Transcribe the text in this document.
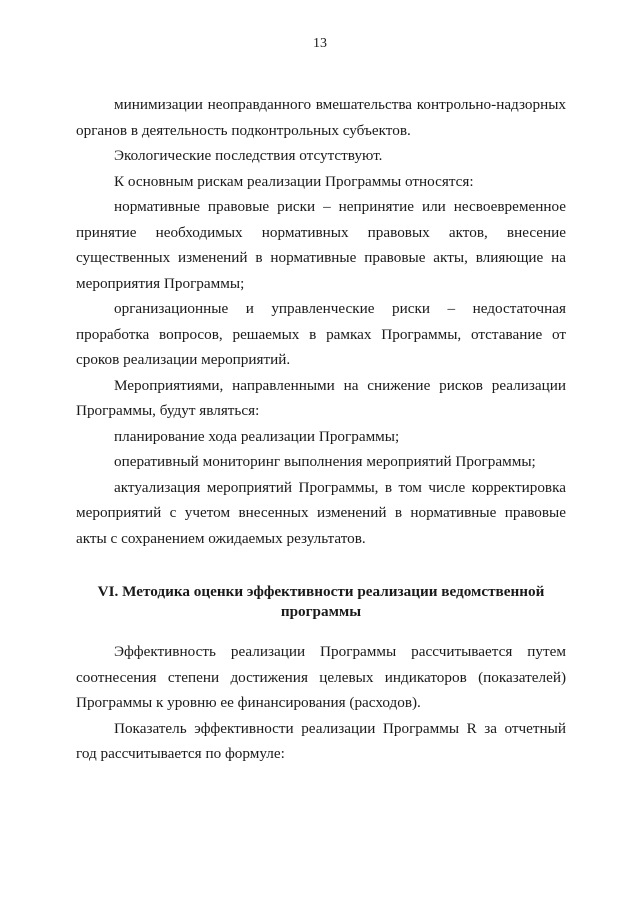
13

минимизации неоправданного вмешательства контрольно-надзорных органов в деятельность подконтрольных субъектов.

Экологические последствия отсутствуют.

К основным рискам реализации Программы относятся:

нормативные правовые риски – непринятие или несвоевременное принятие необходимых нормативных правовых актов, внесение существенных изменений в нормативные правовые акты, влияющие на мероприятия Программы;

организационные и управленческие риски – недостаточная проработка вопросов, решаемых в рамках Программы, отставание от сроков реализации мероприятий.

Мероприятиями, направленными на снижение рисков реализации Программы, будут являться:

планирование хода реализации Программы;

оперативный мониторинг выполнения мероприятий Программы;

актуализация мероприятий Программы, в том числе корректировка мероприятий с учетом внесенных изменений в нормативные правовые акты с сохранением ожидаемых результатов.

VI. Методика оценки эффективности реализации ведомственной
программы

Эффективность реализации Программы рассчитывается путем соотнесения степени достижения целевых индикаторов (показателей) Программы к уровню ее финансирования (расходов).

Показатель эффективности реализации Программы R за отчетный год рассчитывается по формуле:
